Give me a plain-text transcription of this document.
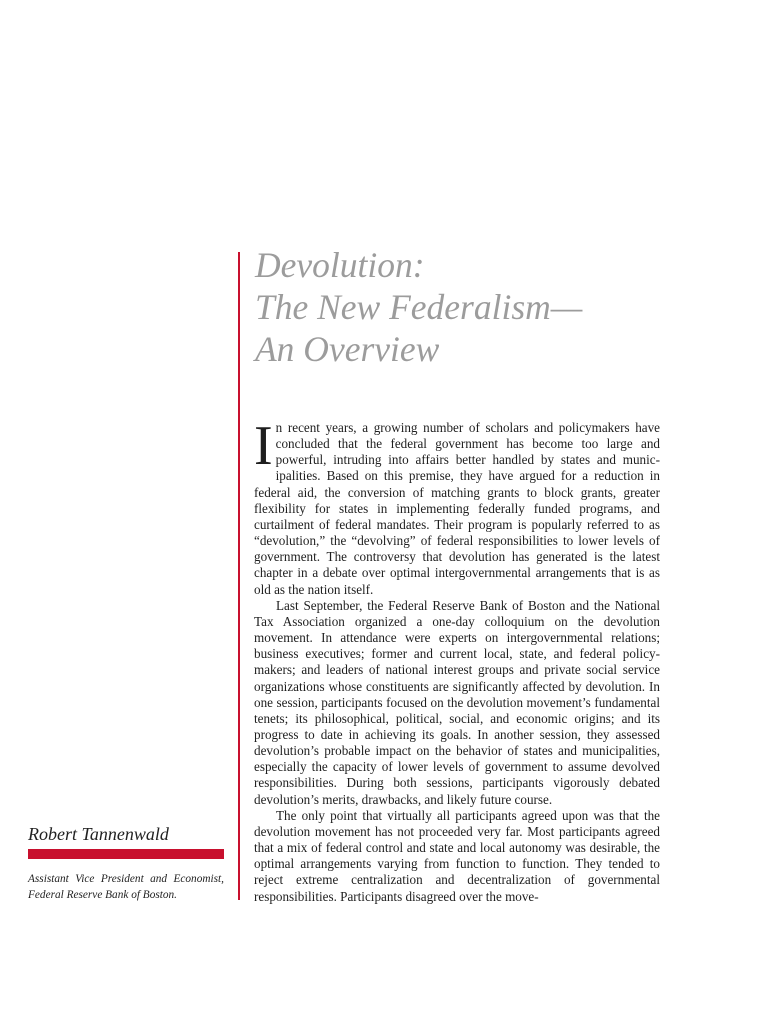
Devolution:
The New Federalism—
An Overview

In recent years, a growing number of scholars and policymakers have concluded that the federal government has become too large and powerful, intruding into affairs better handled by states and municipalities. Based on this premise, they have argued for a reduction in federal aid, the conversion of matching grants to block grants, greater flexibility for states in implementing federally funded programs, and curtailment of federal mandates. Their program is popularly referred to as “devolution,” the “devolving” of federal responsibilities to lower levels of government. The controversy that devolution has generated is the latest chapter in a debate over optimal intergovernmental arrangements that is as old as the nation itself.

Last September, the Federal Reserve Bank of Boston and the National Tax Association organized a one-day colloquium on the devolution movement. In attendance were experts on intergovernmental relations; business executives; former and current local, state, and federal policymakers; and leaders of national interest groups and private social service organizations whose constituents are significantly affected by devolution. In one session, participants focused on the devolution movement’s fundamental tenets; its philosophical, political, social, and economic origins; and its progress to date in achieving its goals. In another session, they assessed devolution’s probable impact on the behavior of states and municipalities, especially the capacity of lower levels of government to assume devolved responsibilities. During both sessions, participants vigorously debated devolution’s merits, drawbacks, and likely future course.

The only point that virtually all participants agreed upon was that the devolution movement has not proceeded very far. Most participants agreed that a mix of federal control and state and local autonomy was desirable, the optimal arrangements varying from function to function. They tended to reject extreme centralization and decentralization of governmental responsibilities. Participants disagreed over the move-

Robert Tannenwald
Assistant Vice President and Economist, Federal Reserve Bank of Boston.
